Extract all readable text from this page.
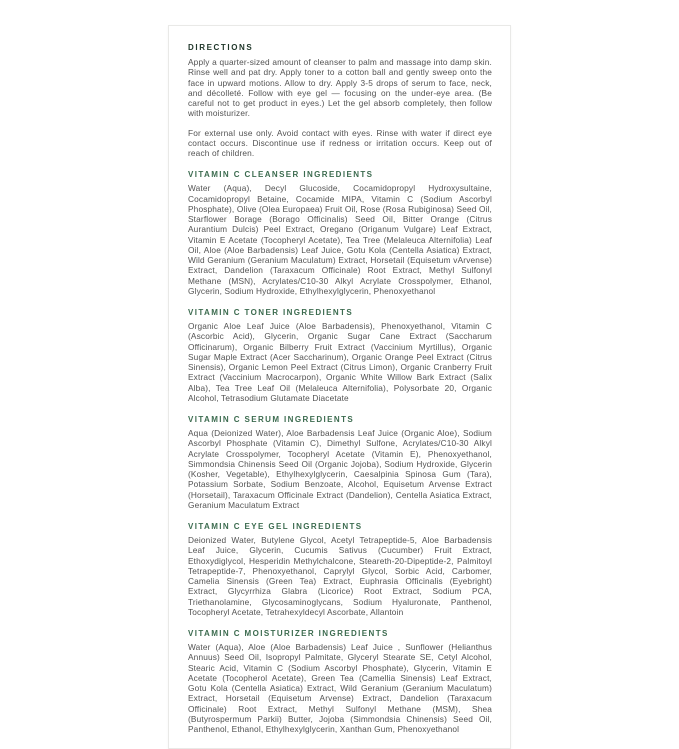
DIRECTIONS
Apply a quarter-sized amount of cleanser to palm and massage into damp skin. Rinse well and pat dry. Apply toner to a cotton ball and gently sweep onto the face in upward motions. Allow to dry. Apply 3-5 drops of serum to face, neck, and décolleté. Follow with eye gel — focusing on the under-eye area. (Be careful not to get product in eyes.) Let the gel absorb completely, then follow with moisturizer.
For external use only. Avoid contact with eyes. Rinse with water if direct eye contact occurs. Discontinue use if redness or irritation occurs. Keep out of reach of children.
VITAMIN C CLEANSER INGREDIENTS
Water (Aqua), Decyl Glucoside, Cocamidopropyl Hydroxysultaine, Cocamidopropyl Betaine, Cocamide MIPA, Vitamin C (Sodium Ascorbyl Phosphate), Olive (Olea Europaea) Fruit Oil, Rose (Rosa Rubiginosa) Seed Oil, Starflower Borage (Borago Officinalis) Seed Oil, Bitter Orange (Citrus Aurantium Dulcis) Peel Extract, Oregano (Origanum Vulgare) Leaf Extract, Vitamin E Acetate (Tocopheryl Acetate), Tea Tree (Melaleuca Alternifolia) Leaf Oil, Aloe (Aloe Barbadensis) Leaf Juice, Gotu Kola (Centella Asiatica) Extract, Wild Geranium (Geranium Maculatum) Extract, Horsetail (Equisetum vArvense) Extract, Dandelion (Taraxacum Officinale) Root Extract, Methyl Sulfonyl Methane (MSN), Acrylates/C10-30 Alkyl Acrylate Crosspolymer, Ethanol, Glycerin, Sodium Hydroxide, Ethylhexylglycerin, Phenoxyethanol
VITAMIN C TONER INGREDIENTS
Organic Aloe Leaf Juice (Aloe Barbadensis), Phenoxyethanol, Vitamin C (Ascorbic Acid), Glycerin, Organic Sugar Cane Extract (Saccharum Officinarum), Organic Bilberry Fruit Extract (Vaccinium Myrtillus), Organic Sugar Maple Extract (Acer Saccharinum), Organic Orange Peel Extract (Citrus Sinensis), Organic Lemon Peel Extract (Citrus Limon), Organic Cranberry Fruit Extract (Vaccinium Macrocarpon), Organic White Willow Bark Extract (Salix Alba), Tea Tree Leaf Oil (Melaleuca Alternifolia), Polysorbate 20, Organic Alcohol, Tetrasodium Glutamate Diacetate
VITAMIN C SERUM INGREDIENTS
Aqua (Deionized Water), Aloe Barbadensis Leaf Juice (Organic Aloe), Sodium Ascorbyl Phosphate (Vitamin C), Dimethyl Sulfone, Acrylates/C10-30 Alkyl Acrylate Crosspolymer, Tocopheryl Acetate (Vitamin E), Phenoxyethanol, Simmondsia Chinensis Seed Oil (Organic Jojoba), Sodium Hydroxide, Glycerin (Kosher, Vegetable), Ethylhexylglycerin, Caesalpinia Spinosa Gum (Tara), Potassium Sorbate, Sodium Benzoate, Alcohol, Equisetum Arvense Extract (Horsetail), Taraxacum Officinale Extract (Dandelion), Centella Asiatica Extract, Geranium Maculatum Extract
VITAMIN C EYE GEL INGREDIENTS
Deionized Water, Butylene Glycol, Acetyl Tetrapeptide-5, Aloe Barbadensis Leaf Juice, Glycerin, Cucumis Sativus (Cucumber) Fruit Extract, Ethoxydiglycol, Hesperidin Methylchalcone, Steareth-20-Dipeptide-2, Palmitoyl Tetrapeptide-7, Phenoxyethanol, Caprylyl Glycol, Sorbic Acid, Carbomer, Camelia Sinensis (Green Tea) Extract, Euphrasia Officinalis (Eyebright) Extract, Glycyrrhiza Glabra (Licorice) Root Extract, Sodium PCA, Triethanolamine, Glycosaminoglycans, Sodium Hyaluronate, Panthenol, Tocopheryl Acetate, Tetrahexyldecyl Ascorbate, Allantoin
VITAMIN C MOISTURIZER INGREDIENTS
Water (Aqua), Aloe (Aloe Barbadensis) Leaf Juice , Sunflower (Helianthus Annuus) Seed Oil, Isopropyl Palmitate, Glyceryl Stearate SE, Cetyl Alcohol, Stearic Acid, Vitamin C (Sodium Ascorbyl Phosphate), Glycerin, Vitamin E Acetate (Tocopherol Acetate), Green Tea (Camellia Sinensis) Leaf Extract, Gotu Kola (Centella Asiatica) Extract, Wild Geranium (Geranium Maculatum) Extract, Horsetail (Equisetum Arvense) Extract, Dandelion (Taraxacum Officinale) Root Extract, Methyl Sulfonyl Methane (MSM), Shea (Butyrospermum Parkii) Butter, Jojoba (Simmondsia Chinensis) Seed Oil, Panthenol, Ethanol, Ethylhexylglycerin, Xanthan Gum, Phenoxyethanol
